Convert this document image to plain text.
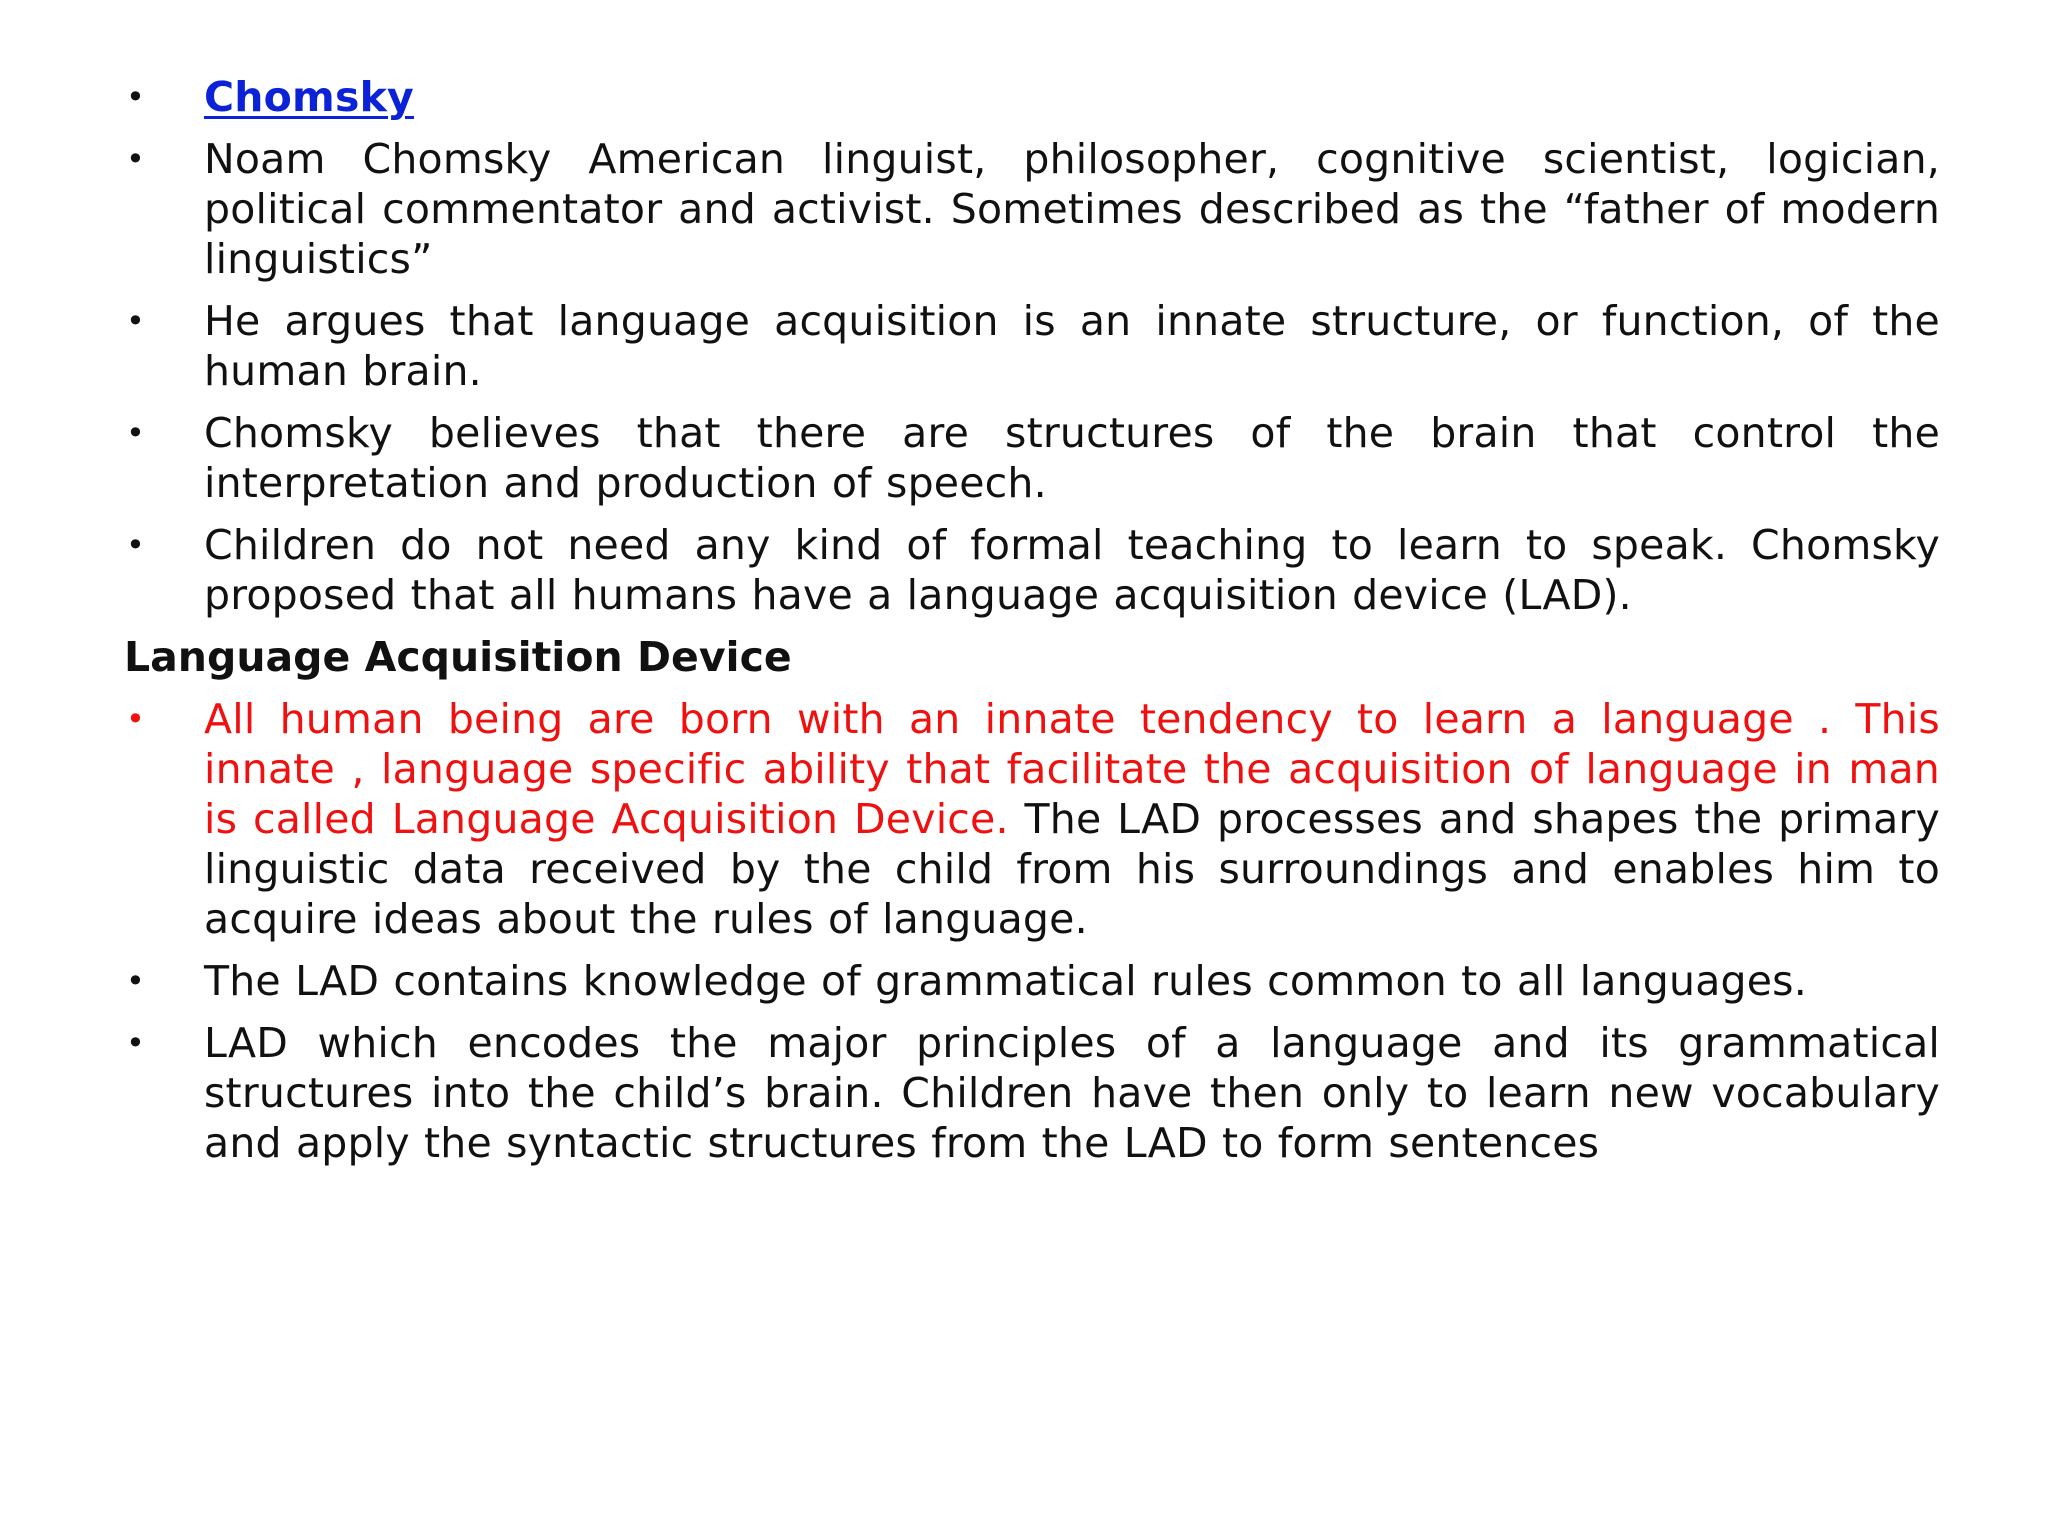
•	Chomsky
•	Noam Chomsky American linguist, philosopher, cognitive scientist, logician, political commentator and activist. Sometimes described as the “father of modern linguistics”
•	He argues that language acquisition is an innate structure, or function, of the human brain.
•	Chomsky believes that there are structures of the brain that control the interpretation and production of speech.
•	Children do not need any kind of formal teaching to learn to speak. Chomsky proposed that all humans have a language acquisition device (LAD).
Language Acquisition Device
•	All human being are born with an innate tendency to learn a language . This innate , language specific ability that facilitate the acquisition of language in man is called Language Acquisition Device. The LAD processes and shapes the primary linguistic data received by the child from his surroundings and enables him to acquire ideas about the rules of language.
•	The LAD contains knowledge of grammatical rules common to all languages.
•	LAD which encodes the major principles of a language and its grammatical structures into the child’s brain. Children have then only to learn new vocabulary and apply the syntactic structures from the LAD to form sentences
